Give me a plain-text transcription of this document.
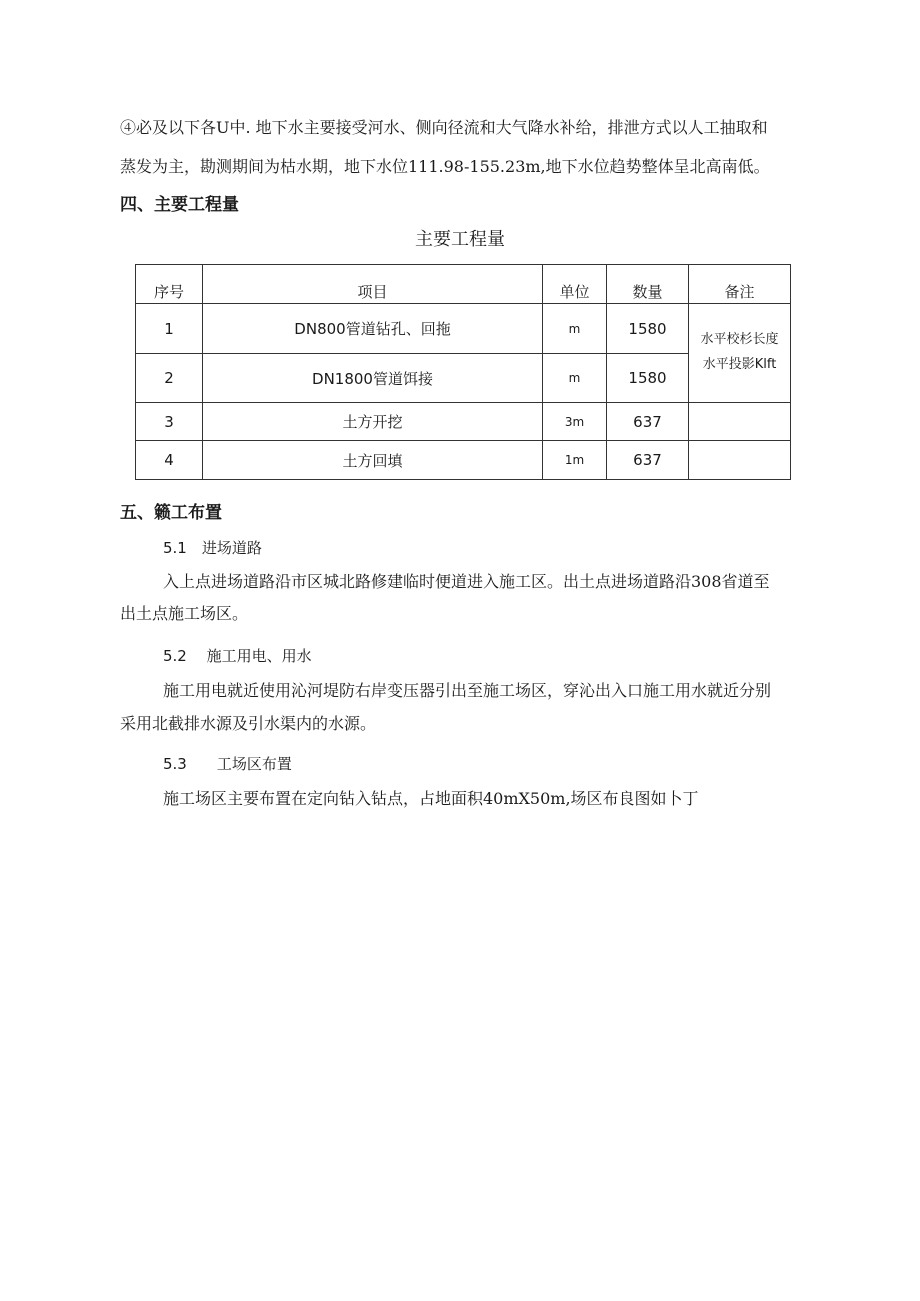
④必及以下各U中. 地下水主要接受河水、侧向径流和大气降水补给，排泄方式以人工抽取和
蒸发为主，勘测期间为枯水期，地下水位111.98-155.23m,地下水位趋势整体呈北高南低。
四、主要工程量
主要工程量
序号	项目	单位	数量	备注
1	DN800管道钻孔、回拖	m	1580	水平校杉长度
水平投影Klft

2	DN1800管道饵接	m	1580	
3	土方开挖	3m	637	
4	土方回填	1m	637	
五、籁工布置
5.1　进场道路
入上点进场道路沿市区城北路修建临时便道进入施工区。出土点进场道路沿308省道至
出土点施工场区。
5.2　 施工用电、用水
施工用电就近使用沁河堤防右岸变压器引出至施工场区，穿沁出入口施工用水就近分别
采用北截排水源及引水渠内的水源。
5.3　　工场区布置
施工场区主要布置在定向钻入钻点，占地面积40mX50m,场区布良图如卜丁
